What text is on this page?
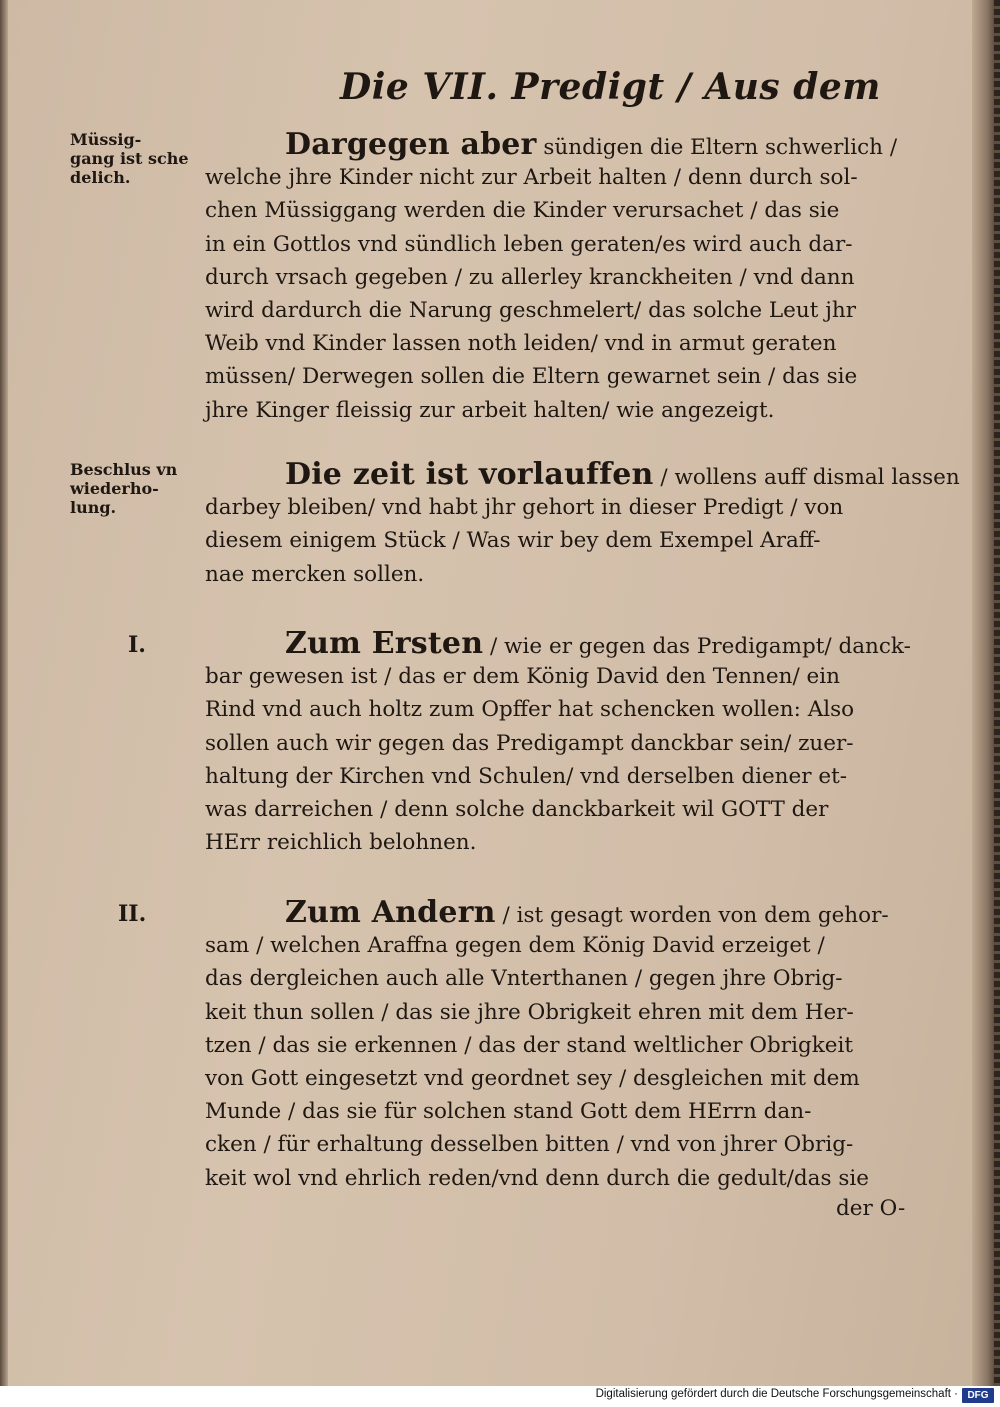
Die VII. Predigt / Aus dem
Müssig-
gang ist sche
delich.
Dargegen aber sündigen die Eltern schwerlich /
welche jhre Kinder nicht zur Arbeit halten / denn durch sol-
chen Müssiggang werden die Kinder verursachet / das sie
in ein Gottlos vnd sündlich leben geraten/es wird auch dar-
durch vrsach gegeben / zu allerley kranckheiten / vnd dann
wird dardurch die Narung geschmelert/ das solche Leut jhr
Weib vnd Kinder lassen noth leiden/ vnd in armut geraten
müssen/ Derwegen sollen die Eltern gewarnet sein / das sie
jhre Kinger fleissig zur arbeit halten/ wie angezeigt.
Beschlus vn
wiederho-
lung.
Die zeit ist vorlauffen / wollens auff dismal lassen
darbey bleiben/ vnd habt jhr gehort in dieser Predigt / von
diesem einigem Stück / Was wir bey dem Exempel Araff-
nae mercken sollen.
I.	Zum Ersten / wie er gegen das Predigampt/ danck-
bar gewesen ist / das er dem König David den Tennen/ ein
Rind vnd auch holtz zum Opffer hat schencken wollen: Also
sollen auch wir gegen das Predigampt danckbar sein/ zuer-
haltung der Kirchen vnd Schulen/ vnd derselben diener et-
was darreichen / denn solche danckbarkeit wil GOTT der
HErr reichlich belohnen.
II.	Zum Andern / ist gesagt worden von dem gehor-
sam / welchen Araffna gegen dem König David erzeiget /
das dergleichen auch alle Vnterthanen / gegen jhre Obrig-
keit thun sollen / das sie jhre Obrigkeit ehren mit dem Her-
tzen / das sie erkennen / das der stand weltlicher Obrigkeit
von Gott eingesetzt vnd geordnet sey / desgleichen mit dem
Munde / das sie für solchen stand Gott dem HErrn dan-
cken / für erhaltung desselben bitten / vnd von jhrer Obrig-
keit wol vnd ehrlich reden/vnd denn durch die gedult/das sie
der O-
Digitalisierung gefördert durch die Deutsche Forschungsgemeinschaft · DFG
